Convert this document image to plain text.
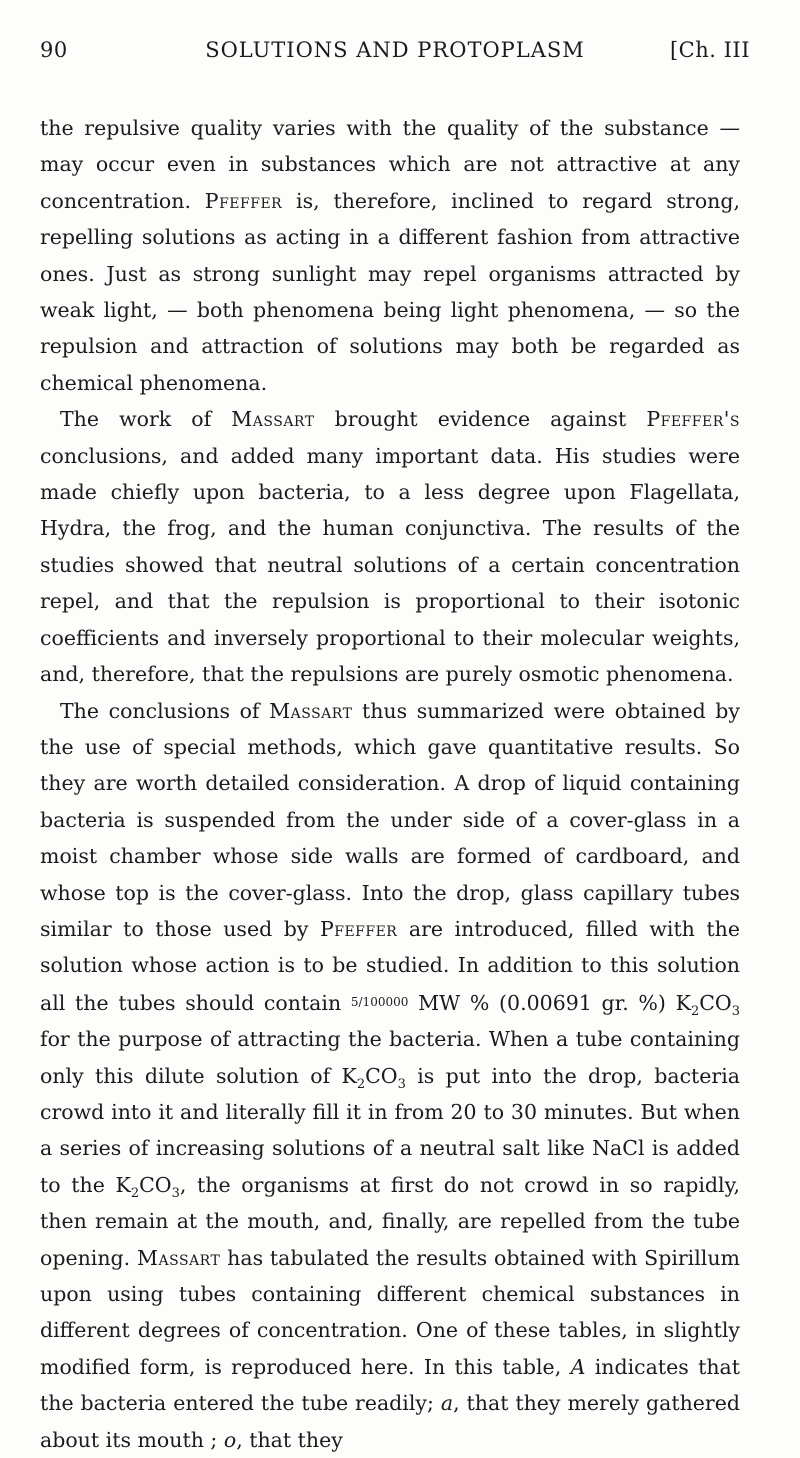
90	SOLUTIONS AND PROTOPLASM	[Ch. III

the repulsive quality varies with the quality of the substance — may occur even in substances which are not attractive at any concentration. Pfeffer is, therefore, inclined to regard strong, repelling solutions as acting in a different fashion from attractive ones. Just as strong sunlight may repel organisms attracted by weak light, — both phenomena being light phenomena, — so the repulsion and attraction of solutions may both be regarded as chemical phenomena.

The work of Massart brought evidence against Pfeffer's conclusions, and added many important data. His studies were made chiefly upon bacteria, to a less degree upon Flagellata, Hydra, the frog, and the human conjunctiva. The results of the studies showed that neutral solutions of a certain concentration repel, and that the repulsion is proportional to their isotonic coefficients and inversely proportional to their molecular weights, and, therefore, that the repulsions are purely osmotic phenomena.

The conclusions of Massart thus summarized were obtained by the use of special methods, which gave quantitative results. So they are worth detailed consideration. A drop of liquid containing bacteria is suspended from the under side of a cover-glass in a moist chamber whose side walls are formed of cardboard, and whose top is the cover-glass. Into the drop, glass capillary tubes similar to those used by Pfeffer are introduced, filled with the solution whose action is to be studied. In addition to this solution all the tubes should contain 5/100000 MW % (0.00691 gr. %) $K_2CO_3$ for the purpose of attracting the bacteria. When a tube containing only this dilute solution of $K_2CO_3$ is put into the drop, bacteria crowd into it and literally fill it in from 20 to 30 minutes. But when a series of increasing solutions of a neutral salt like NaCl is added to the $K_2CO_3$, the organisms at first do not crowd in so rapidly, then remain at the mouth, and, finally, are repelled from the tube opening. Massart has tabulated the results obtained with Spirillum upon using tubes containing different chemical substances in different degrees of concentration. One of these tables, in slightly modified form, is reproduced here. In this table, A indicates that the bacteria entered the tube readily; a, that they merely gathered about its mouth ; o, that they
